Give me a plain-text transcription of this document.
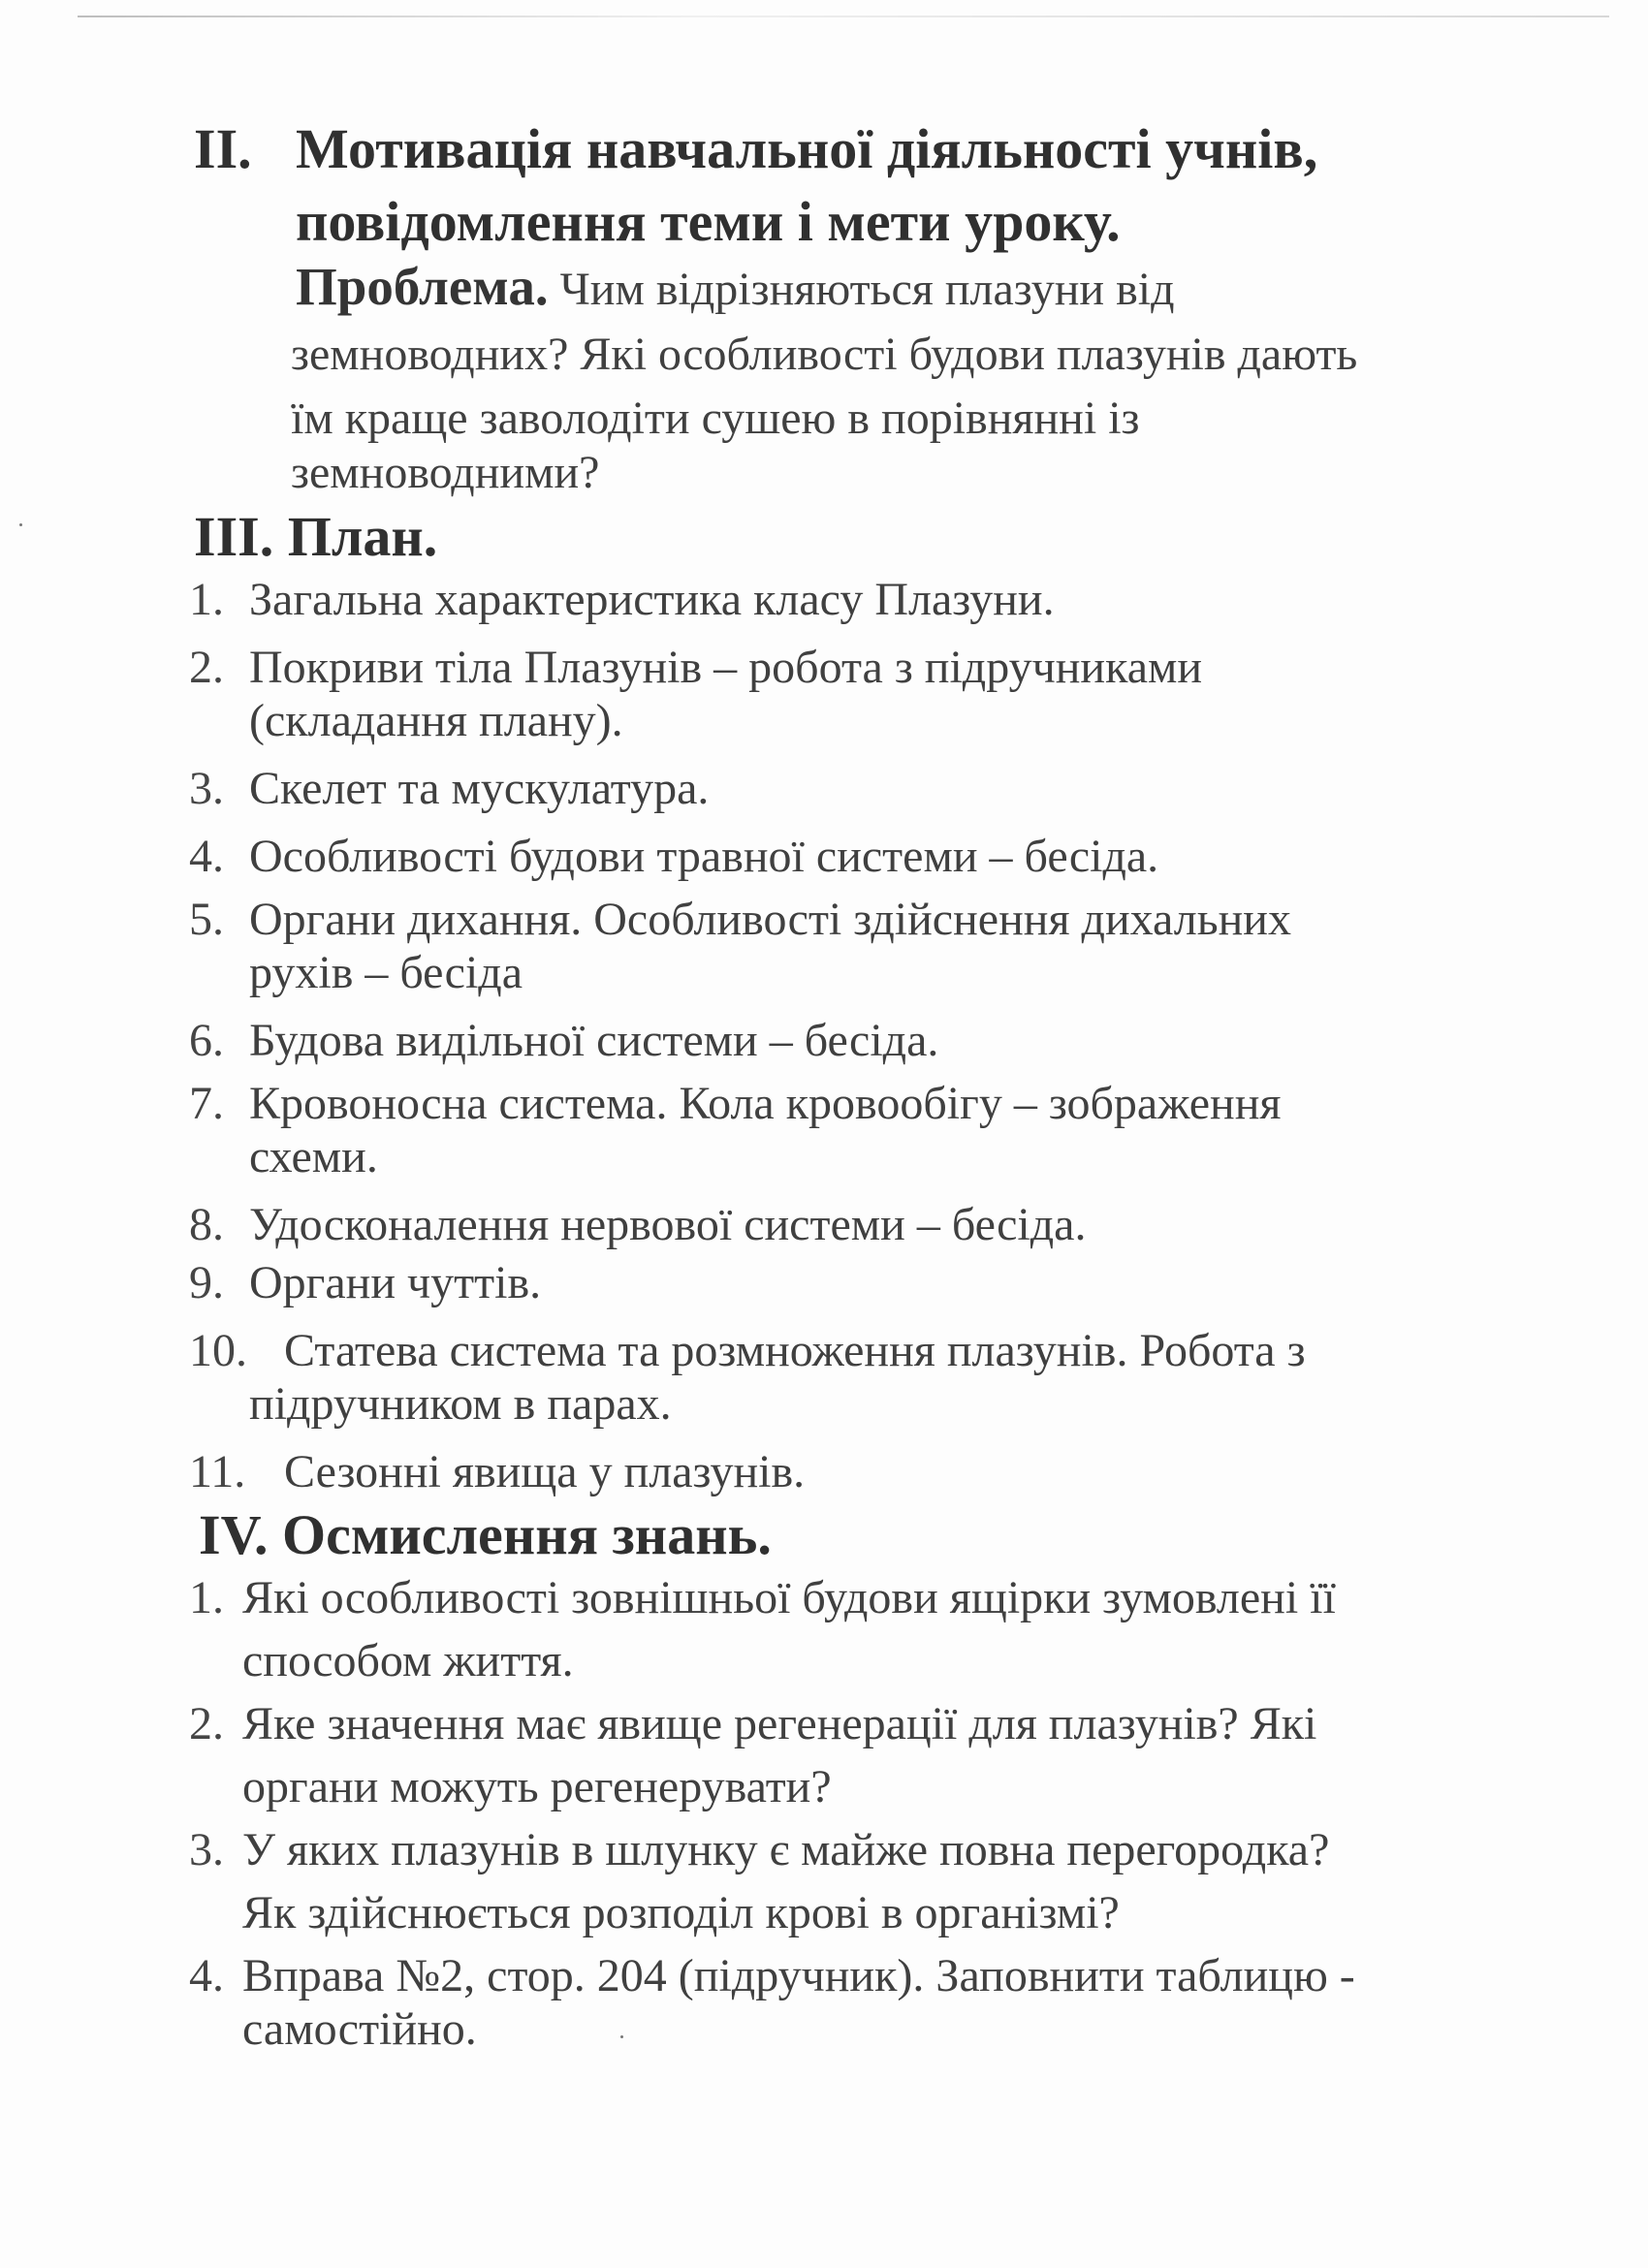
II. Мотивація навчальної діяльності учнів,
повідомлення теми і мети уроку.
Проблема. Чим відрізняються плазуни від
земноводних? Які особливості будови плазунів дають
їм краще заволодіти сушею в порівнянні із
земноводними?
ІІІ. План.
1. Загальна характеристика класу Плазуни.
2. Покриви тіла Плазунів – робота з підручниками
(складання плану).
3. Скелет та мускулатура.
4. Особливості будови травної системи – бесіда.
5. Органи дихання. Особливості здійснення дихальних
рухів – бесіда
6. Будова видільної системи – бесіда.
7. Кровоносна система. Кола кровообігу – зображення
схеми.
8. Удосконалення нервової системи – бесіда.
9. Органи чуттів.
10. Статева система та розмноження плазунів. Робота з
підручником в парах.
11. Сезонні явища у плазунів.
IV. Осмислення знань.
1. Які особливості зовнішньої будови ящірки зумовлені її
способом життя.
2. Яке значення має явище регенерації для плазунів? Які
органи можуть регенерувати?
3. У яких плазунів в шлунку є майже повна перегородка?
Як здійснюється розподіл крові в організмі?
4. Вправа №2, стор. 204 (підручник). Заповнити таблицю -
самостійно.
